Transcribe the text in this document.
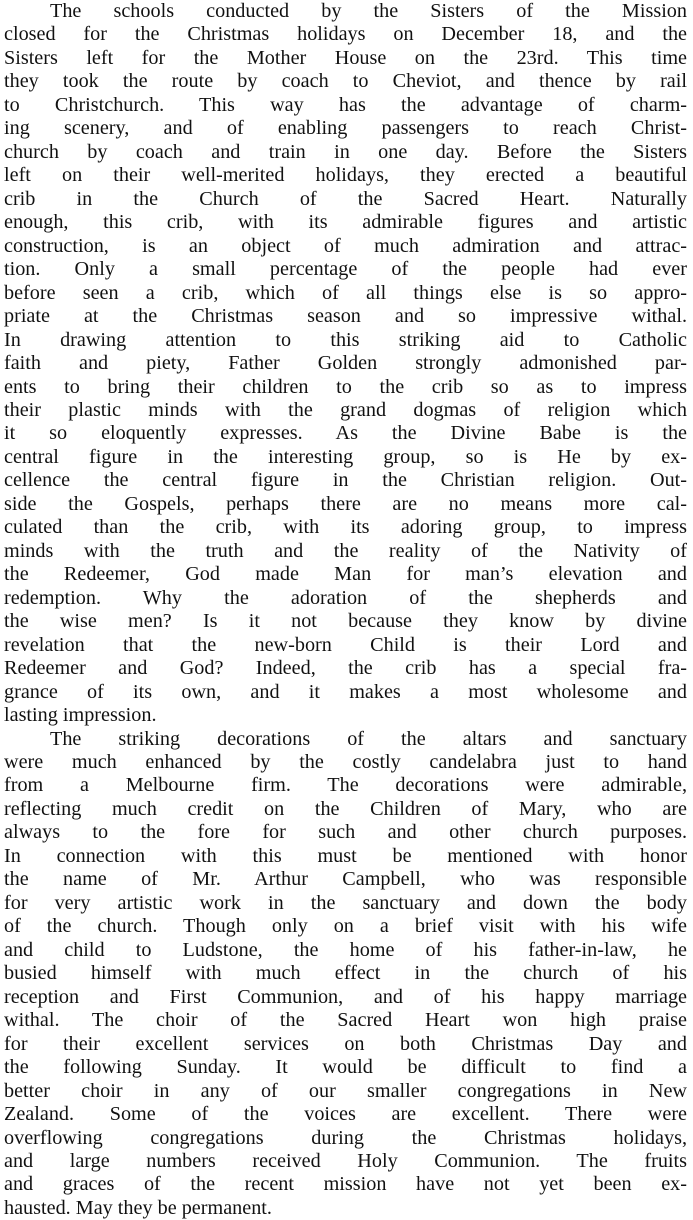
The schools conducted by the Sisters of the Mission
closed for the Christmas holidays on December 18, and the
Sisters left for the Mother House on the 23rd. This time
they took the route by coach to Cheviot, and thence by rail
to Christchurch. This way has the advantage of charm-
ing scenery, and of enabling passengers to reach Christ-
church by coach and train in one day. Before the Sisters
left on their well-merited holidays, they erected a beautiful
crib in the Church of the Sacred Heart. Naturally
enough, this crib, with its admirable figures and artistic
construction, is an object of much admiration and attrac-
tion. Only a small percentage of the people had ever
before seen a crib, which of all things else is so appro-
priate at the Christmas season and so impressive withal.
In drawing attention to this striking aid to Catholic
faith and piety, Father Golden strongly admonished par-
ents to bring their children to the crib so as to impress
their plastic minds with the grand dogmas of religion which
it so eloquently expresses. As the Divine Babe is the
central figure in the interesting group, so is He by ex-
cellence the central figure in the Christian religion. Out-
side the Gospels, perhaps there are no means more cal-
culated than the crib, with its adoring group, to impress
minds with the truth and the reality of the Nativity of
the Redeemer, God made Man for man’s elevation and
redemption. Why the adoration of the shepherds and
the wise men? Is it not because they know by divine
revelation that the new-born Child is their Lord and
Redeemer and God? Indeed, the crib has a special fra-
grance of its own, and it makes a most wholesome and
lasting impression.
The striking decorations of the altars and sanctuary
were much enhanced by the costly candelabra just to hand
from a Melbourne firm. The decorations were admirable,
reflecting much credit on the Children of Mary, who are
always to the fore for such and other church purposes.
In connection with this must be mentioned with honor
the name of Mr. Arthur Campbell, who was responsible
for very artistic work in the sanctuary and down the body
of the church. Though only on a brief visit with his wife
and child to Ludstone, the home of his father-in-law, he
busied himself with much effect in the church of his
reception and First Communion, and of his happy marriage
withal. The choir of the Sacred Heart won high praise
for their excellent services on both Christmas Day and
the following Sunday. It would be difficult to find a
better choir in any of our smaller congregations in New
Zealand. Some of the voices are excellent. There were
overflowing congregations during the Christmas holidays,
and large numbers received Holy Communion. The fruits
and graces of the recent mission have not yet been ex-
hausted. May they be permanent.
